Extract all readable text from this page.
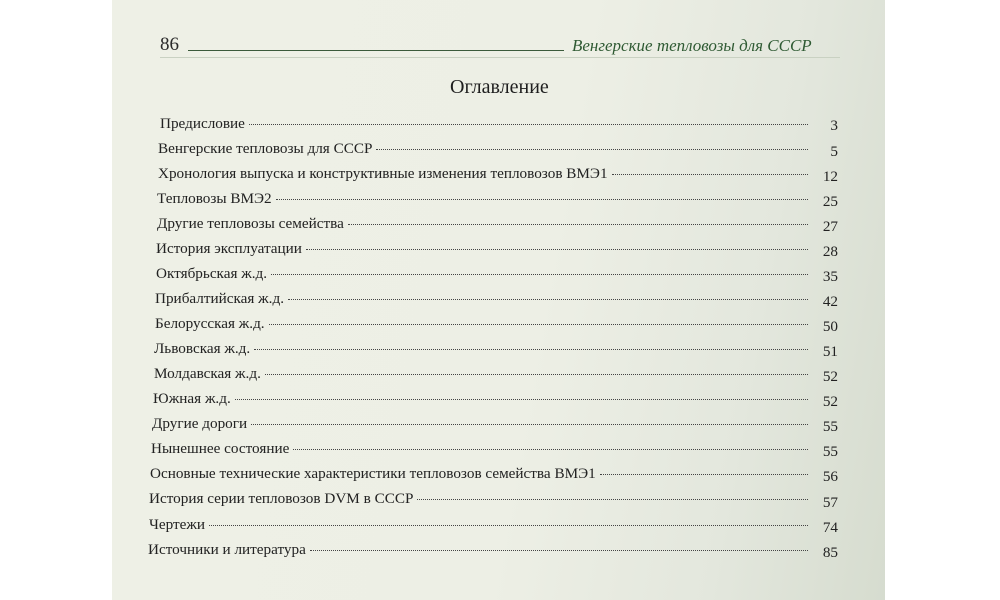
86	Венгерские тепловозы для СССР
Оглавление
Предисловие	3
Венгерские тепловозы для СССР	5
Хронология выпуска и конструктивные изменения тепловозов ВМЭ1	12
Тепловозы ВМЭ2	25
Другие тепловозы семейства	27
История эксплуатации	28
Октябрьская ж.д.	35
Прибалтийская ж.д.	42
Белорусская ж.д.	50
Львовская ж.д.	51
Молдавская ж.д.	52
Южная ж.д.	52
Другие дороги	55
Нынешнее состояние	55
Основные технические характеристики тепловозов семейства ВМЭ1	56
История серии тепловозов DVM в СССР	57
Чертежи	74
Источники и литература	85
